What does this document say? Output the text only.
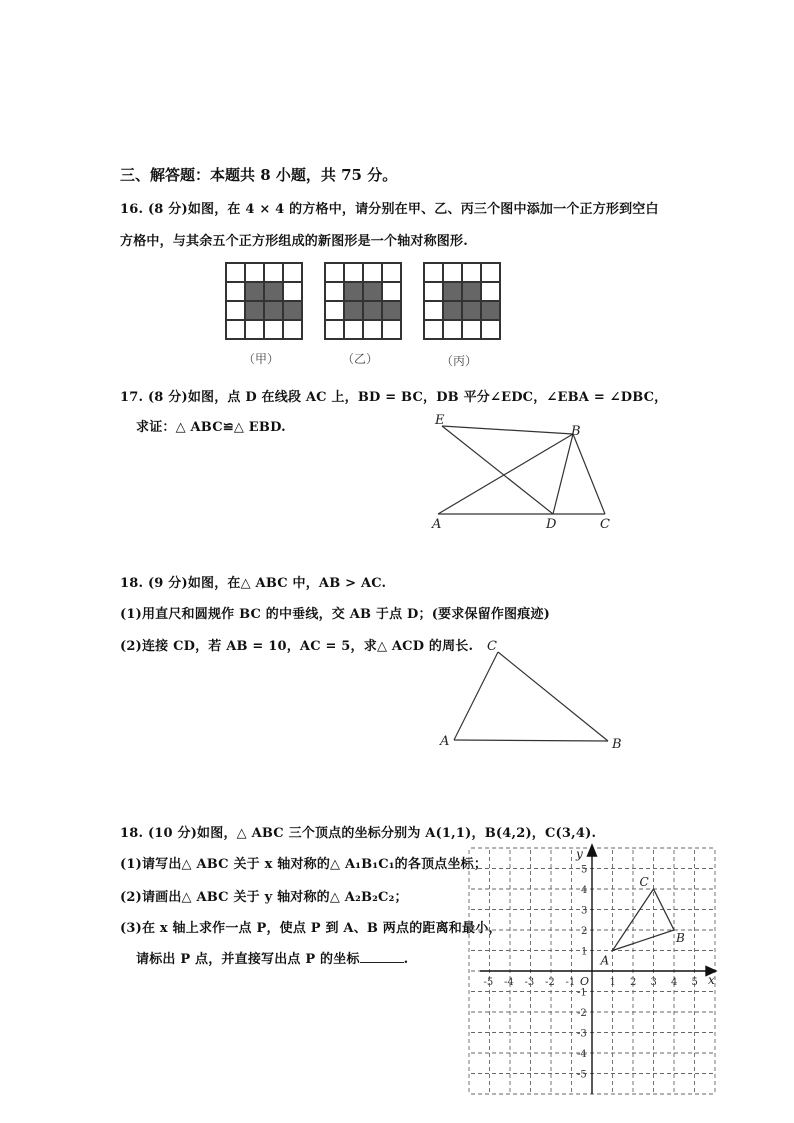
三、解答题：本题共 8 小题，共 75 分。
16. (8 分)如图，在 4 × 4 的方格中，请分别在甲、乙、丙三个图中添加一个正方形到空白
方格中，与其余五个正方形组成的新图形是一个轴对称图形.
（甲）	（乙）	（丙）
17. (8 分)如图，点 D 在线段 AC 上，BD = BC，DB 平分∠EDC，∠EBA = ∠DBC，
求证：△ ABC≌△ EBD.	E
B
A	D	C
18. (9 分)如图，在△ ABC 中，AB > AC.
(1)用直尺和圆规作 BC 的中垂线，交 AB 于点 D；(要求保留作图痕迹)
(2)连接 CD，若 AB = 10，AC = 5，求△ ACD 的周长. C
A	B
18. (10 分)如图，△ ABC 三个顶点的坐标分别为 A(1,1)，B(4,2)，C(3,4).
(1)请写出△ ABC 关于 x 轴对称的△ A₁B₁C₁的各顶点坐标；
(2)请画出△ ABC 关于 y 轴对称的△ A₂B₂C₂；
(3)在 x 轴上求作一点 P，使点 P 到 A、B 两点的距离和最小，
请标出 P 点，并直接写出点 P 的坐标	.
-5 -4 -3 -2 -1	1 2 3 4 5
5
4
3
2
1
-1
-2
-3
-4
-5
A
B
C
x
y
O
